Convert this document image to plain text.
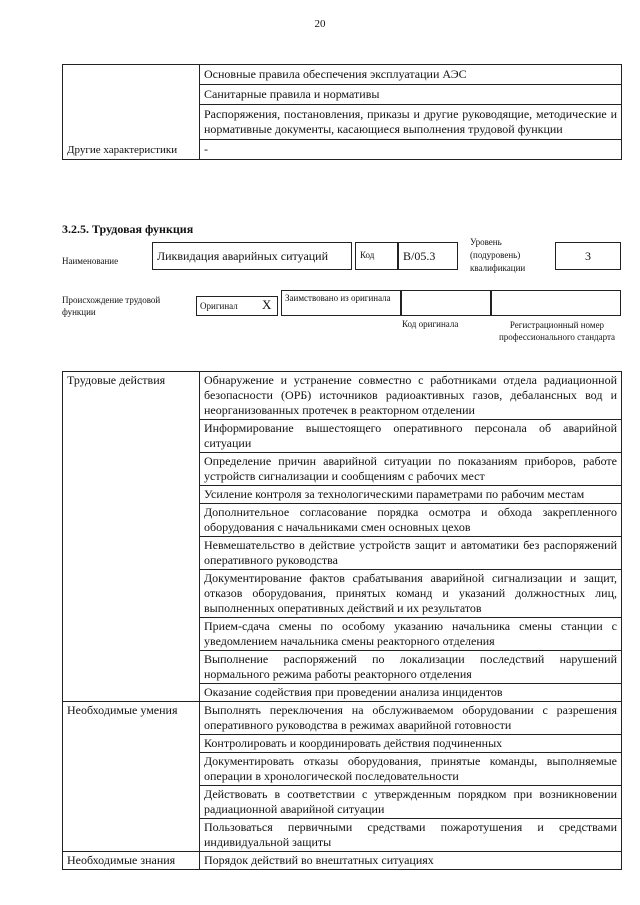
20
Другие характеристики	Основные правила обеспечения эксплуатации АЭС
Санитарные правила и нормативы
Распоряжения, постановления, приказы и другие руководящие, методические и нормативные документы, касающиеся выполнения трудовой функции
-
3.2.5. Трудовая функция
Наименование	Ликвидация аварийных ситуаций	Код	В/05.3
Уровень
(подуровень)
квалификации
3
Происхождение трудовой функции
Оригинал	X	Заимствовано из оригинала
Код оригинала	Регистрационный номер профессионального стандарта
Трудовые действия	Обнаружение и устранение совместно с работниками отдела радиационной безопасности (ОРБ) источников радиоактивных газов, дебалансных вод и неорганизованных протечек в реакторном отделении
	Информирование вышестоящего оперативного персонала об аварийной ситуации
	Определение причин аварийной ситуации по показаниям приборов, работе устройств сигнализации и сообщениям с рабочих мест
	Усиление контроля за технологическими параметрами по рабочим местам
	Дополнительное согласование порядка осмотра и обхода закрепленного оборудования с начальниками смен основных цехов
	Невмешательство в действие устройств защит и автоматики без распоряжений оперативного руководства
	Документирование фактов срабатывания аварийной сигнализации и защит, отказов оборудования, принятых команд и указаний должностных лиц, выполненных оперативных действий и их результатов
	Прием-сдача смены по особому указанию начальника смены станции с уведомлением начальника смены реакторного отделения
	Выполнение распоряжений по локализации последствий нарушений нормального режима работы реакторного отделения
	Оказание содействия при проведении анализа инцидентов
Необходимые умения	Выполнять переключения на обслуживаемом оборудовании с разрешения оперативного руководства в режимах аварийной готовности
	Контролировать и координировать действия подчиненных
	Документировать отказы оборудования, принятые команды, выполняемые операции в хронологической последовательности
	Действовать в соответствии с утвержденным порядком при возникновении радиационной аварийной ситуации
	Пользоваться первичными средствами пожаротушения и средствами индивидуальной защиты
Необходимые знания	Порядок действий во внештатных ситуациях
